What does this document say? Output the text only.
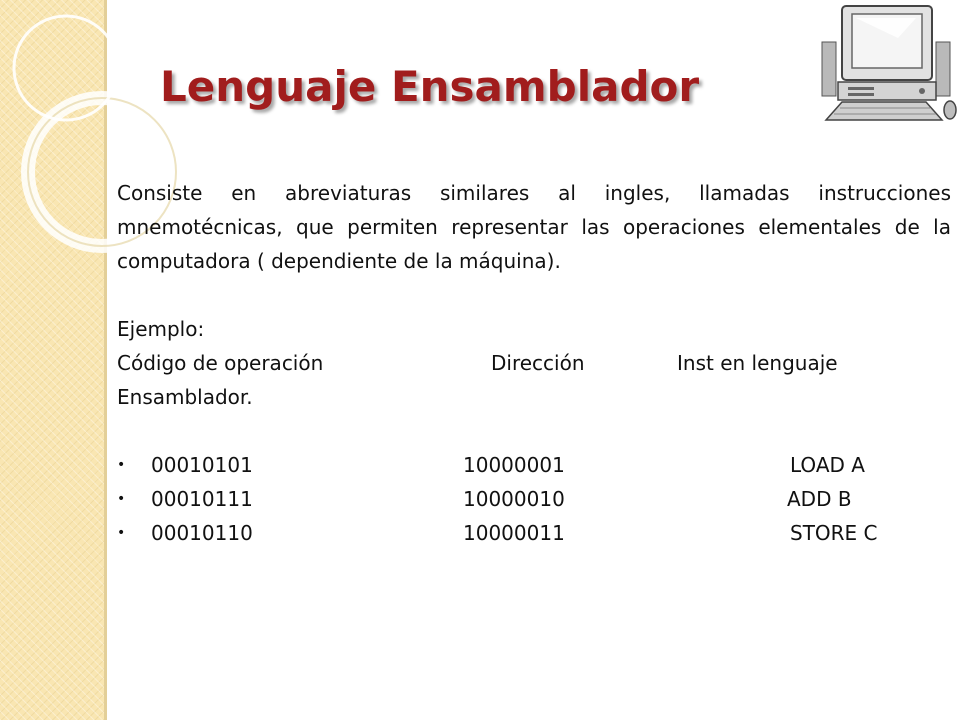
Lenguaje Ensamblador

Consiste en abreviaturas similares al ingles, llamadas instrucciones mnemotécnicas, que permiten representar las operaciones elementales de la computadora ( dependiente de la máquina).

Ejemplo:

Código de operación	Dirección	Inst en lenguaje

Ensamblador.

• 00010101	10000001	LOAD A
• 00010111	10000010	ADD B
• 00010110	10000011	STORE C
